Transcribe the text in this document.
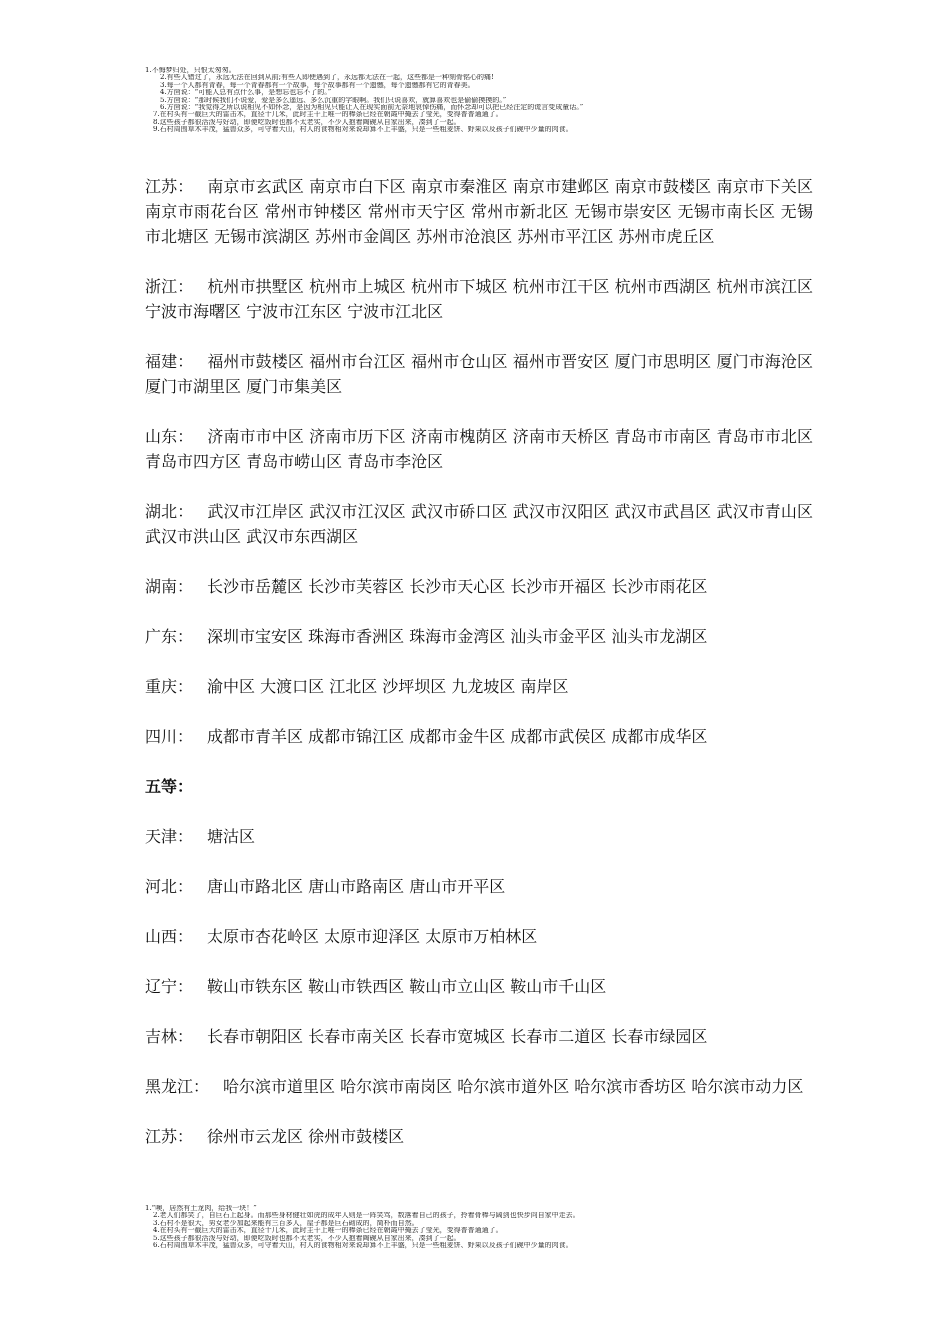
1.不悔梦归处，只恨太匆匆。
2.有些人错过了，永远无法在回到从前;有些人即使遇到了，永远都无法在一起，这些都是一种刻骨铭心的痛!
3.每一个人都有青春，每一个青春都有一个故事，每个故事都有一个遗憾，每个遗憾都有它的青春美。
4.方茴说：“可能人总有点什么事，是想忘也忘不了的。”
5.方茴说：“那时候我们不说爱，爱是多么遥远、多么沉重的字眼啊。我们只说喜欢，就算喜欢也是偷偷摸摸的。”
6.方茴说：“我觉得之所以说相见不如怀念，是因为相见只能让人在现实面前无奈地哀悼伤痛，而怀念却可以把已经注定的谎言变成童话。”
7.在村头有一截巨大的雷击木，直径十几米，此时主干上唯一的棒条已经在朝霞中掩去了莹光，变得普普通通了。
8.这些孩子都很活泼与好动，即便吃饭时也都不太老实，不少人抱着陶碗从自家出来，凑到了一起。
9.石村周围草木丰茂，猛兽众多，可守着大山，村人的食物相对来说却算不上丰盛，只是一些粗麦饼、野果以及孩子们碗中少量的肉食。

江苏： 南京市玄武区 南京市白下区 南京市秦淮区 南京市建邺区 南京市鼓楼区 南京市下关区 南京市雨花台区 常州市钟楼区 常州市天宁区 常州市新北区 无锡市崇安区 无锡市南长区 无锡市北塘区 无锡市滨湖区 苏州市金阊区 苏州市沧浪区 苏州市平江区 苏州市虎丘区

浙江： 杭州市拱墅区 杭州市上城区 杭州市下城区 杭州市江干区 杭州市西湖区 杭州市滨江区 宁波市海曙区 宁波市江东区 宁波市江北区

福建： 福州市鼓楼区 福州市台江区 福州市仓山区 福州市晋安区 厦门市思明区 厦门市海沧区 厦门市湖里区 厦门市集美区

山东： 济南市市中区 济南市历下区 济南市槐荫区 济南市天桥区 青岛市市南区 青岛市市北区 青岛市四方区 青岛市崂山区 青岛市李沧区

湖北： 武汉市江岸区 武汉市江汉区 武汉市硚口区 武汉市汉阳区 武汉市武昌区 武汉市青山区 武汉市洪山区 武汉市东西湖区

湖南： 长沙市岳麓区 长沙市芙蓉区 长沙市天心区 长沙市开福区 长沙市雨花区

广东： 深圳市宝安区 珠海市香洲区 珠海市金湾区 汕头市金平区 汕头市龙湖区

重庆： 渝中区 大渡口区 江北区 沙坪坝区 九龙坡区 南岸区

四川： 成都市青羊区 成都市锦江区 成都市金牛区 成都市武侯区 成都市成华区

五等：

天津： 塘沽区

河北： 唐山市路北区 唐山市路南区 唐山市开平区

山西： 太原市杏花岭区 太原市迎泽区 太原市万柏林区

辽宁： 鞍山市铁东区 鞍山市铁西区 鞍山市立山区 鞍山市千山区

吉林： 长春市朝阳区 长春市南关区 长春市宽城区 长春市二道区 长春市绿园区

黑龙江： 哈尔滨市道里区 哈尔滨市南岗区 哈尔滨市道外区 哈尔滨市香坊区 哈尔滨市动力区

江苏： 徐州市云龙区 徐州市鼓楼区

1.“噢，居然有土龙肉，给我一块！”
2.老人们都笑了，自巨石上起身。而那些身材健壮如虎的成年人则是一阵笑骂，数落着自己的孩子，拎着骨棒与阔剑也快步向自家中走去。
3.石村不是很大，男女老少加起来能有三百多人，屋子都是巨石砌成的，简朴而自然。
4.在村头有一截巨大的雷击木，直径十几米，此时主干上唯一的棒条已经在朝霞中掩去了莹光，变得普普通通了。
5.这些孩子都很活泼与好动，即便吃饭时也都不太老实，不少人抱着陶碗从自家出来，凑到了一起。
6.石村周围草木丰茂，猛兽众多，可守着大山，村人的食物相对来说却算不上丰盛，只是一些粗麦饼、野果以及孩子们碗中少量的肉食。
